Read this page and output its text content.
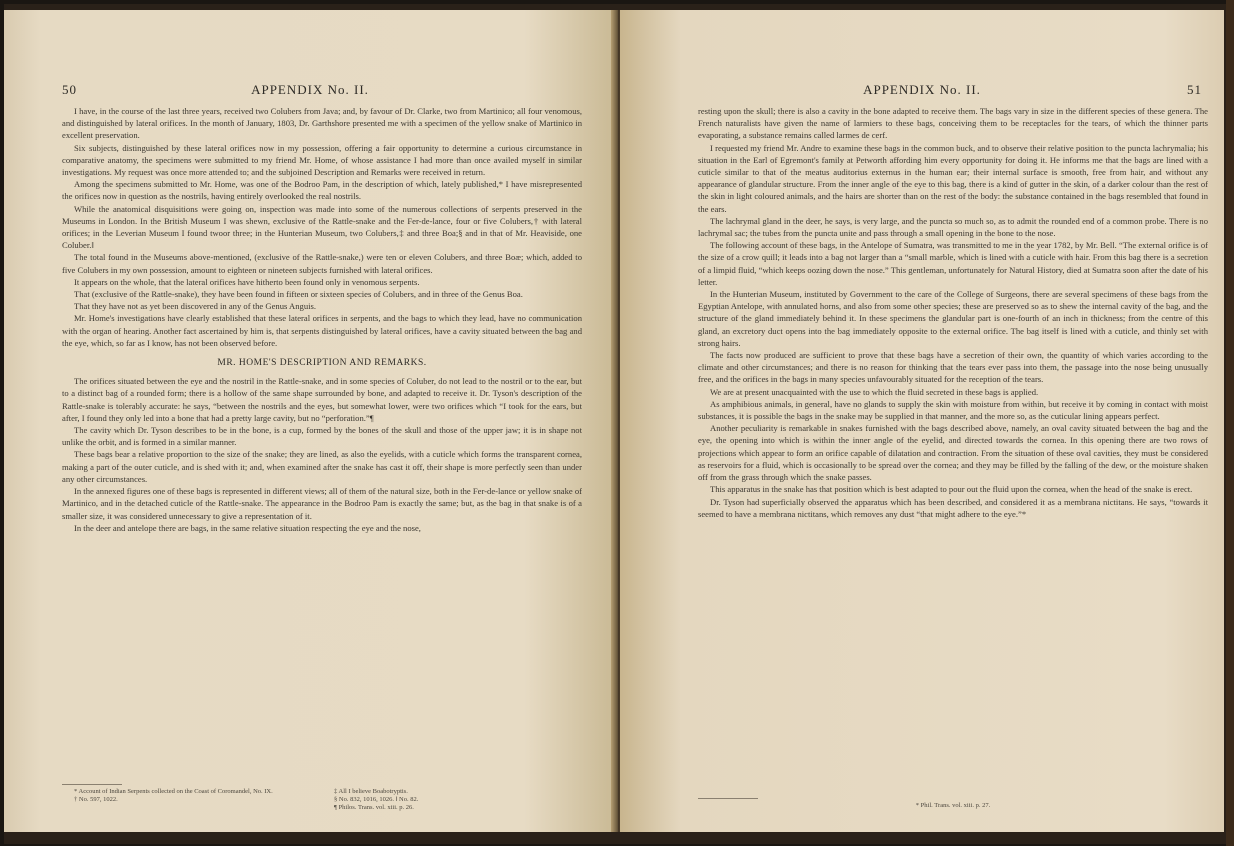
50	APPENDIX No. II.

I have, in the course of the last three years, received two Colubers from Java; and, by favour of Dr. Clarke, two from Martinico; all four venomous, and distinguished by lateral orifices. In the month of January, 1803, Dr. Garthshore presented me with a specimen of the yellow snake of Martinico in excellent preservation.

Six subjects, distinguished by these lateral orifices now in my possession, offering a fair opportunity to determine a curious circumstance in comparative anatomy, the specimens were submitted to my friend Mr. Home, of whose assistance I had more than once availed myself in similar investigations. My request was once more attended to; and the subjoined Description and Remarks were received in return.

Among the specimens submitted to Mr. Home, was one of the Bodroo Pam, in the description of which, lately published,* I have misrepresented the orifices now in question as the nostrils, having entirely overlooked the real nostrils.

While the anatomical disquisitions were going on, inspection was made into some of the numerous collections of serpents preserved in the Museums in London. In the British Museum I was shewn, exclusive of the Rattle-snake and the Fer-de-lance, four or five Colubers,† with lateral orifices; in the Leverian Museum I found twoor three; in the Hunterian Museum, two Colubers,‡ and three Boa;§ and in that of Mr. Heaviside, one Coluber.‖

The total found in the Museums above-mentioned, (exclusive of the Rattle-snake,) were ten or eleven Colubers, and three Boæ; which, added to five Colubers in my own possession, amount to eighteen or nineteen subjects furnished with lateral orifices.

It appears on the whole, that the lateral orifices have hitherto been found only in venomous serpents.

That (exclusive of the Rattle-snake), they have been found in fifteen or sixteen species of Colubers, and in three of the Genus Boa.

That they have not as yet been discovered in any of the Genus Anguis.

Mr. Home's investigations have clearly established that these lateral orifices in serpents, and the bags to which they lead, have no communication with the organ of hearing. Another fact ascertained by him is, that serpents distinguished by lateral orifices, have a cavity situated between the bag and the eye, which, so far as I know, has not been observed before.

MR. HOME'S DESCRIPTION AND REMARKS.

The orifices situated between the eye and the nostril in the Rattle-snake, and in some species of Coluber, do not lead to the nostril or to the ear, but to a distinct bag of a rounded form; there is a hollow of the same shape surrounded by bone, and adapted to receive it. Dr. Tyson's description of the Rattle-snake is tolerably accurate: he says, “between the nostrils and the eyes, but somewhat lower, were two orifices which “I took for the ears, but after, I found they only led into a bone that had a pretty large cavity, but no “perforation.”¶

The cavity which Dr. Tyson describes to be in the bone, is a cup, formed by the bones of the skull and those of the upper jaw; it is in shape not unlike the orbit, and is formed in a similar manner.

These bags bear a relative proportion to the size of the snake; they are lined, as also the eyelids, with a cuticle which forms the transparent cornea, making a part of the outer cuticle, and is shed with it; and, when examined after the snake has cast it off, their shape is more perfectly seen than under any other circumstances.

In the annexed figures one of these bags is represented in different views; all of them of the natural size, both in the Fer-de-lance or yellow snake of Martinico, and in the detached cuticle of the Rattle-snake. The appearance in the Bodroo Pam is exactly the same; but, as the bag in that snake is of a smaller size, it was considered unnecessary to give a representation of it.

In the deer and antelope there are bags, in the same relative situation respecting the eye and the nose,

* Account of Indian Serpents collected on the Coast of Coromandel, No. IX.	‡ All I believe Boabotryptis.
† No. 597, 1022.	§ No. 832, 1016, 1026. ‖ No. 82.
¶ Philos. Trans. vol. xiii. p. 26.
APPENDIX No. II.	51

resting upon the skull; there is also a cavity in the bone adapted to receive them. The bags vary in size in the different species of these genera. The French naturalists have given the name of larmiers to these bags, conceiving them to be receptacles for the tears, of which the thinner parts evaporating, a substance remains called larmes de cerf.

I requested my friend Mr. Andre to examine these bags in the common buck, and to observe their relative position to the puncta lachrymalia; his situation in the Earl of Egremont's family at Petworth affording him every opportunity for doing it. He informs me that the bags are lined with a cuticle similar to that of the meatus auditorius externus in the human ear; their internal surface is smooth, free from hair, and without any appearance of glandular structure. From the inner angle of the eye to this bag, there is a kind of gutter in the skin, of a darker colour than the rest of the skin in light coloured animals, and the hairs are shorter than on the rest of the body: the substance contained in the bags resembled that found in the ears.

The lachrymal gland in the deer, he says, is very large, and the puncta so much so, as to admit the rounded end of a common probe. There is no lachrymal sac; the tubes from the puncta unite and pass through a small opening in the bone to the nose.

The following account of these bags, in the Antelope of Sumatra, was transmitted to me in the year 1782, by Mr. Bell. “The external orifice is of the size of a crow quill; it leads into a bag not larger than a “small marble, which is lined with a cuticle with hair. From this bag there is a secretion of a limpid fluid, “which keeps oozing down the nose.” This gentleman, unfortunately for Natural History, died at Sumatra soon after the date of his letter.

In the Hunterian Museum, instituted by Government to the care of the College of Surgeons, there are several specimens of these bags from the Egyptian Antelope, with annulated horns, and also from some other species; these are preserved so as to shew the internal cavity of the bag, and the structure of the gland immediately behind it. In these specimens the glandular part is one-fourth of an inch in thickness; from the centre of this gland, an excretory duct opens into the bag immediately opposite to the external orifice. The bag itself is lined with a cuticle, and thinly set with strong hairs.

The facts now produced are sufficient to prove that these bags have a secretion of their own, the quantity of which varies according to the climate and other circumstances; and there is no reason for thinking that the tears ever pass into them, the passage into the nose being unusually free, and the orifices in the bags in many species unfavourably situated for the reception of the tears.

We are at present unacquainted with the use to which the fluid secreted in these bags is applied.

As amphibious animals, in general, have no glands to supply the skin with moisture from within, but receive it by coming in contact with moist substances, it is possible the bags in the snake may be supplied in that manner, and the more so, as the cuticular lining appears perfect.

Another peculiarity is remarkable in snakes furnished with the bags described above, namely, an oval cavity situated between the bag and the eye, the opening into which is within the inner angle of the eyelid, and directed towards the cornea. In this opening there are two rows of projections which appear to form an orifice capable of dilatation and contraction. From the situation of these oval cavities, they must be considered as reservoirs for a fluid, which is occasionally to be spread over the cornea; and they may be filled by the falling of the dew, or the moisture shaken off from the grass through which the snake passes.

This apparatus in the snake has that position which is best adapted to pour out the fluid upon the cornea, when the head of the snake is erect.

Dr. Tyson had superficially observed the apparatus which has been described, and considered it as a membrana nictitans. He says, “towards it seemed to have a membrana nictitans, which removes any dust “that might adhere to the eye.”*

* Phil. Trans. vol. xiii. p. 27.
